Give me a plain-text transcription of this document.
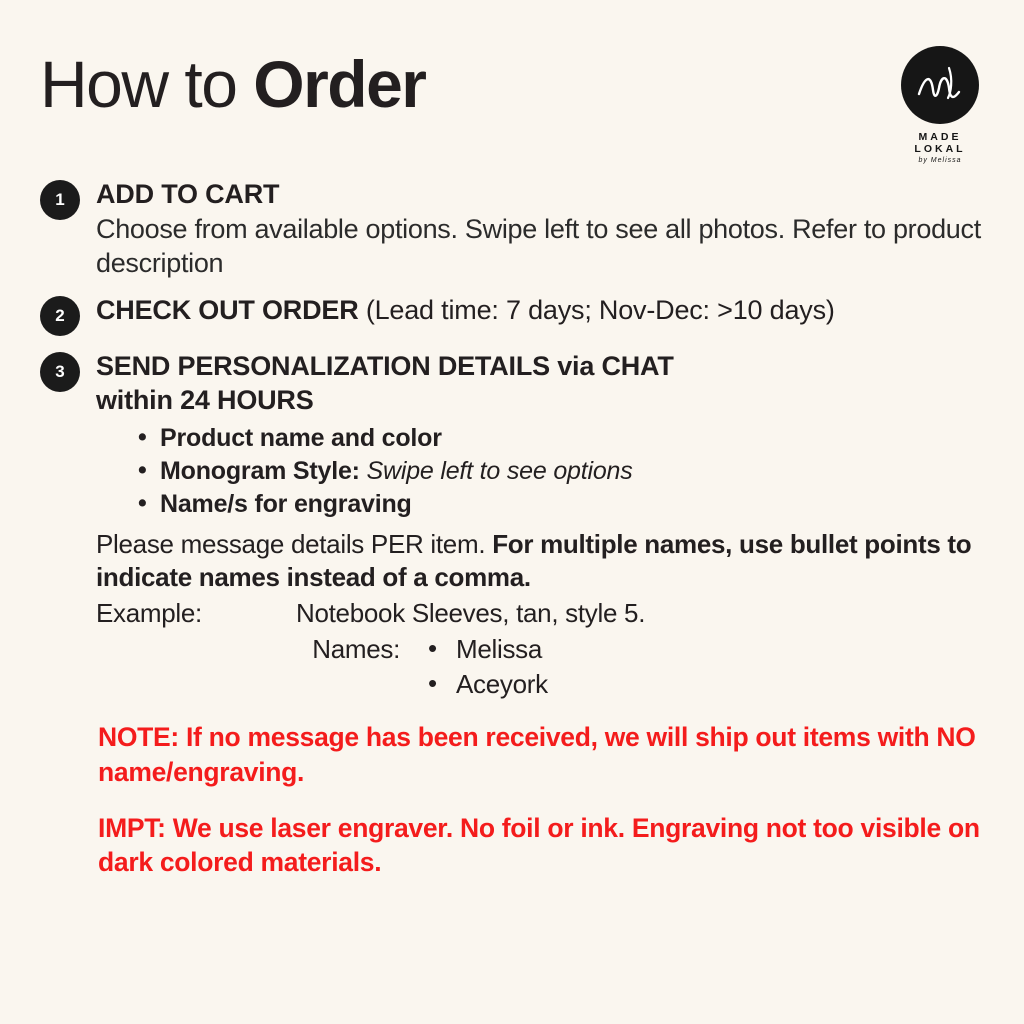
How to Order
MADE LOKAL
by Melissa
1	ADD TO CART
Choose from available options. Swipe left to see all photos. Refer to product description
2	CHECK OUT ORDER (Lead time: 7 days; Nov-Dec: >10 days)
3	SEND PERSONALIZATION DETAILS via CHAT
within 24 HOURS
• Product name and color
• Monogram Style: Swipe left to see options
• Name/s for engraving
Please message details PER item. For multiple names, use bullet points to indicate names instead of a comma.
Example:	Notebook Sleeves, tan, style 5.
Names:	• Melissa
• Aceyork
NOTE: If no message has been received, we will ship out items with NO name/engraving.
IMPT: We use laser engraver. No foil or ink. Engraving not too visible on dark colored materials.
